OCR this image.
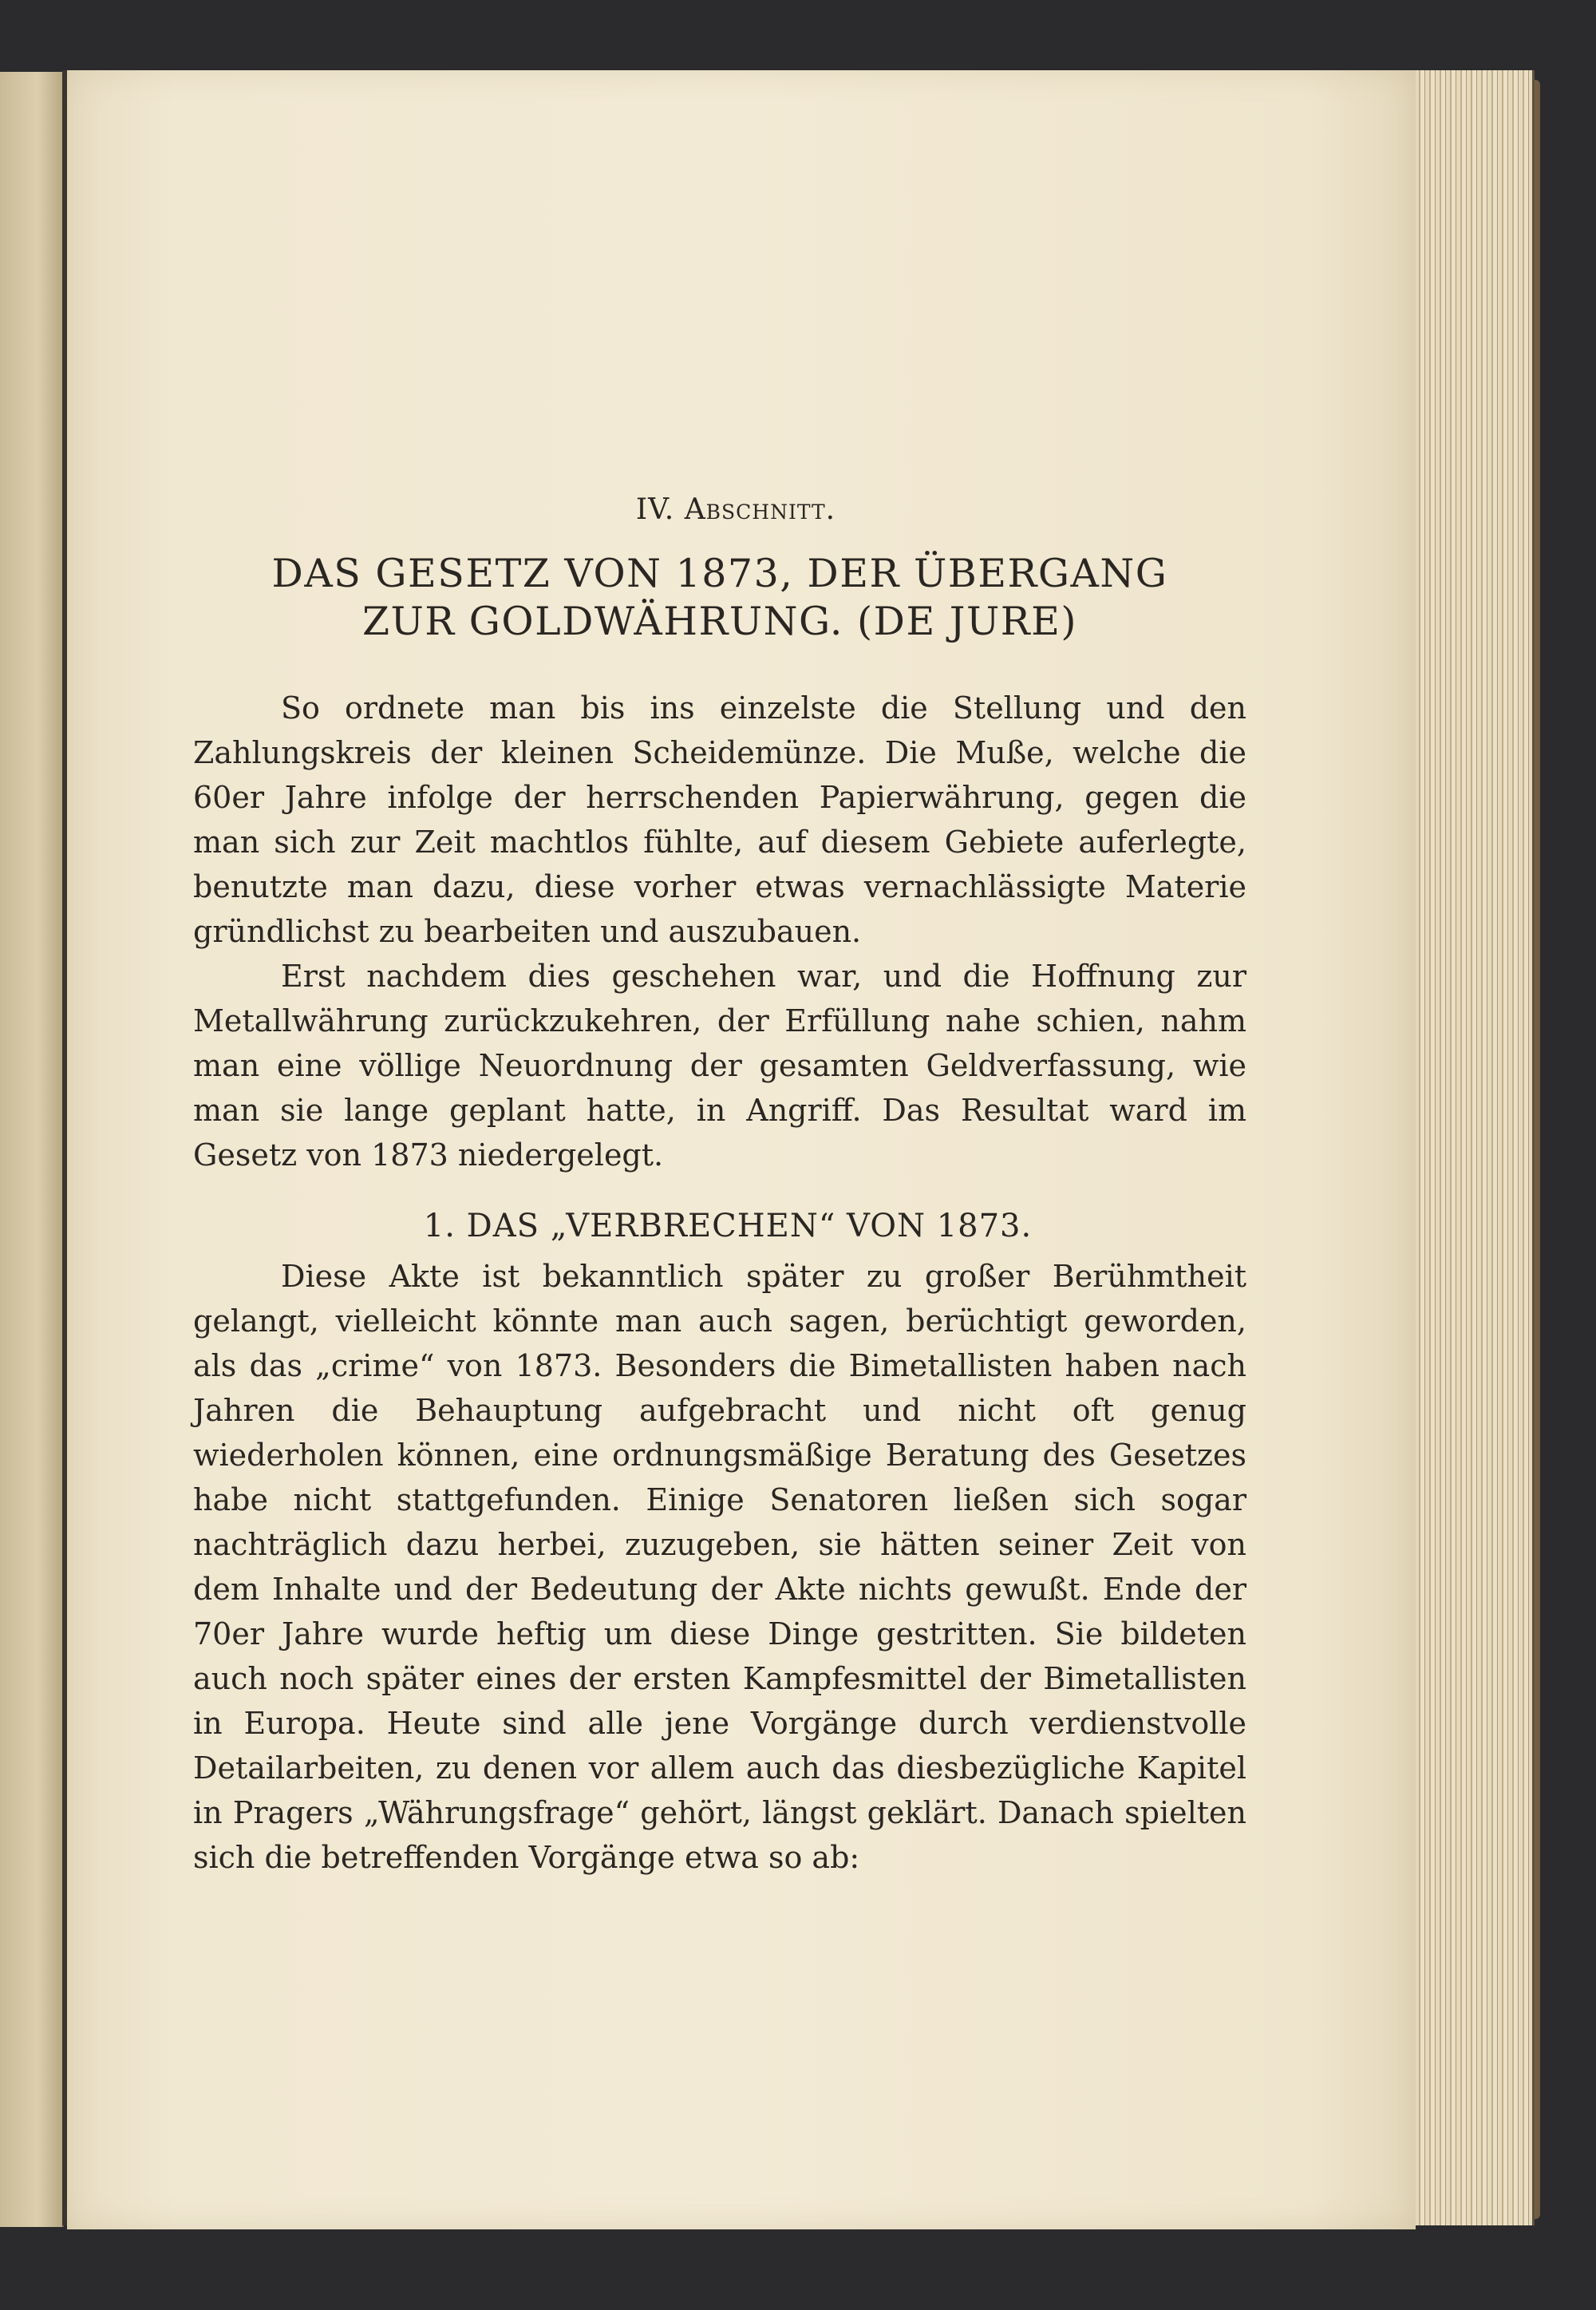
IV. Abschnitt.
DAS GESETZ VON 1873, DER ÜBERGANG
ZUR GOLDWÄHRUNG. (DE JURE)

So ordnete man bis ins einzelste die Stellung und den Zahlungskreis der kleinen Scheidemünze. Die Muße, welche die 60er Jahre infolge der herrschenden Papierwährung, gegen die man sich zur Zeit machtlos fühlte, auf diesem Gebiete auferlegte, benutzte man dazu, diese vorher etwas vernachlässigte Materie gründlichst zu bearbeiten und auszubauen.

Erst nachdem dies geschehen war, und die Hoffnung zur Metallwährung zurückzukehren, der Erfüllung nahe schien, nahm man eine völlige Neuordnung der gesamten Geldverfassung, wie man sie lange geplant hatte, in Angriff. Das Resultat ward im Gesetz von 1873 niedergelegt.

1. DAS „VERBRECHEN“ VON 1873.

Diese Akte ist bekanntlich später zu großer Berühmtheit gelangt, vielleicht könnte man auch sagen, berüchtigt geworden, als das „crime“ von 1873. Besonders die Bimetallisten haben nach Jahren die Behauptung aufgebracht und nicht oft genug wiederholen können, eine ordnungsmäßige Beratung des Gesetzes habe nicht stattgefunden. Einige Senatoren ließen sich sogar nachträglich dazu herbei, zuzugeben, sie hätten seiner Zeit von dem Inhalte und der Bedeutung der Akte nichts gewußt. Ende der 70er Jahre wurde heftig um diese Dinge gestritten. Sie bildeten auch noch später eines der ersten Kampfesmittel der Bimetallisten in Europa. Heute sind alle jene Vorgänge durch verdienstvolle Detailarbeiten, zu denen vor allem auch das diesbezügliche Kapitel in Pragers „Währungsfrage“ gehört, längst geklärt. Danach spielten sich die betreffenden Vorgänge etwa so ab:
